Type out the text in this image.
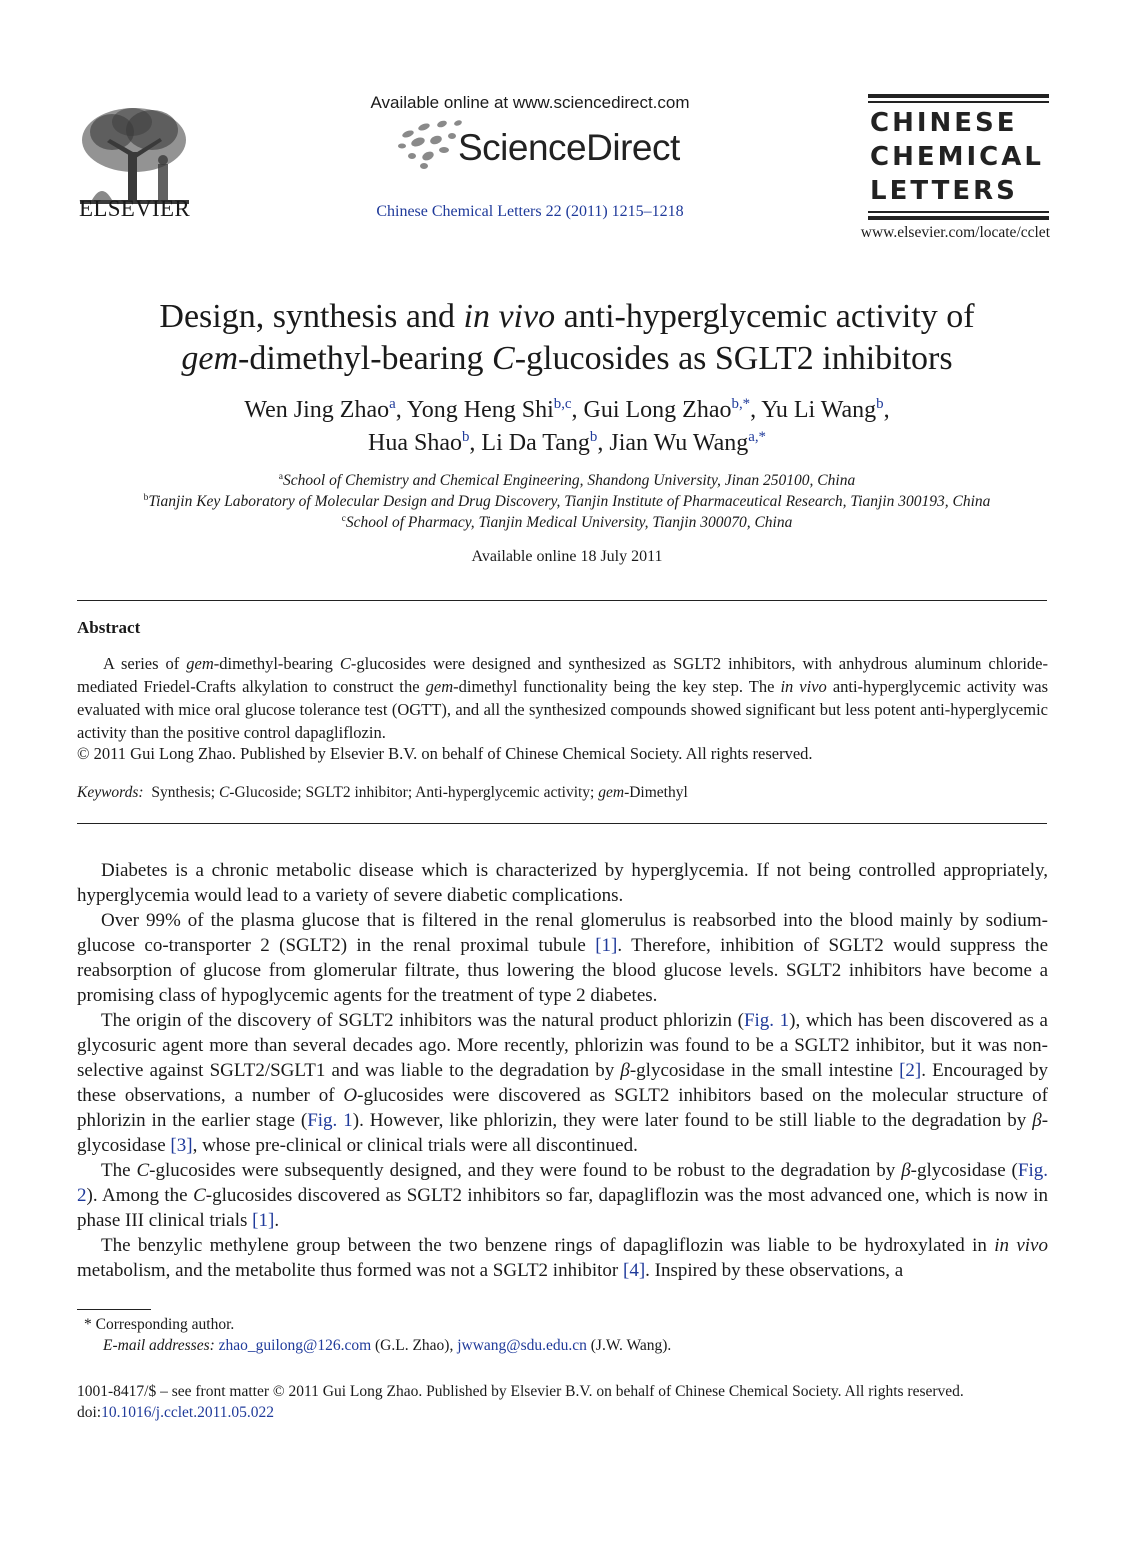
ELSEVIER
Available online at www.sciencedirect.com
ScienceDirect
Chinese Chemical Letters 22 (2011) 1215–1218
CHINESE
CHEMICAL
LETTERS
www.elsevier.com/locate/cclet
Design, synthesis and in vivo anti-hyperglycemic activity of
gem-dimethyl-bearing C-glucosides as SGLT2 inhibitors
Wen Jing Zhao$^a$, Yong Heng Shi$^{b,c}$, Gui Long Zhao$^{b,*}$, Yu Li Wang$^b$,
Hua Shao$^b$, Li Da Tang$^b$, Jian Wu Wang$^{a,*}$
$^a$School of Chemistry and Chemical Engineering, Shandong University, Jinan 250100, China
$^b$Tianjin Key Laboratory of Molecular Design and Drug Discovery, Tianjin Institute of Pharmaceutical Research, Tianjin 300193, China
$^c$School of Pharmacy, Tianjin Medical University, Tianjin 300070, China
Available online 18 July 2011
Abstract

A series of gem-dimethyl-bearing C-glucosides were designed and synthesized as SGLT2 inhibitors, with anhydrous aluminum chloride-mediated Friedel-Crafts alkylation to construct the gem-dimethyl functionality being the key step. The in vivo anti-hyperglycemic activity was evaluated with mice oral glucose tolerance test (OGTT), and all the synthesized compounds showed significant but less potent anti-hyperglycemic activity than the positive control dapagliflozin.

© 2011 Gui Long Zhao. Published by Elsevier B.V. on behalf of Chinese Chemical Society. All rights reserved.
Keywords: Synthesis; C-Glucoside; SGLT2 inhibitor; Anti-hyperglycemic activity; gem-Dimethyl

Diabetes is a chronic metabolic disease which is characterized by hyperglycemia. If not being controlled appropriately, hyperglycemia would lead to a variety of severe diabetic complications.

Over 99% of the plasma glucose that is filtered in the renal glomerulus is reabsorbed into the blood mainly by sodium-glucose co-transporter 2 (SGLT2) in the renal proximal tubule [1]. Therefore, inhibition of SGLT2 would suppress the reabsorption of glucose from glomerular filtrate, thus lowering the blood glucose levels. SGLT2 inhibitors have become a promising class of hypoglycemic agents for the treatment of type 2 diabetes.

The origin of the discovery of SGLT2 inhibitors was the natural product phlorizin (Fig. 1), which has been discovered as a glycosuric agent more than several decades ago. More recently, phlorizin was found to be a SGLT2 inhibitor, but it was non-selective against SGLT2/SGLT1 and was liable to the degradation by β-glycosidase in the small intestine [2]. Encouraged by these observations, a number of O-glucosides were discovered as SGLT2 inhibitors based on the molecular structure of phlorizin in the earlier stage (Fig. 1). However, like phlorizin, they were later found to be still liable to the degradation by β-glycosidase [3], whose pre-clinical or clinical trials were all discontinued.

The C-glucosides were subsequently designed, and they were found to be robust to the degradation by β-glycosidase (Fig. 2). Among the C-glucosides discovered as SGLT2 inhibitors so far, dapagliflozin was the most advanced one, which is now in phase III clinical trials [1].

The benzylic methylene group between the two benzene rings of dapagliflozin was liable to be hydroxylated in in vivo metabolism, and the metabolite thus formed was not a SGLT2 inhibitor [4]. Inspired by these observations, a

* Corresponding author.
E-mail addresses: zhao_guilong@126.com (G.L. Zhao), jwwang@sdu.edu.cn (J.W. Wang).
1001-8417/$ – see front matter © 2011 Gui Long Zhao. Published by Elsevier B.V. on behalf of Chinese Chemical Society. All rights reserved.
doi:10.1016/j.cclet.2011.05.022
